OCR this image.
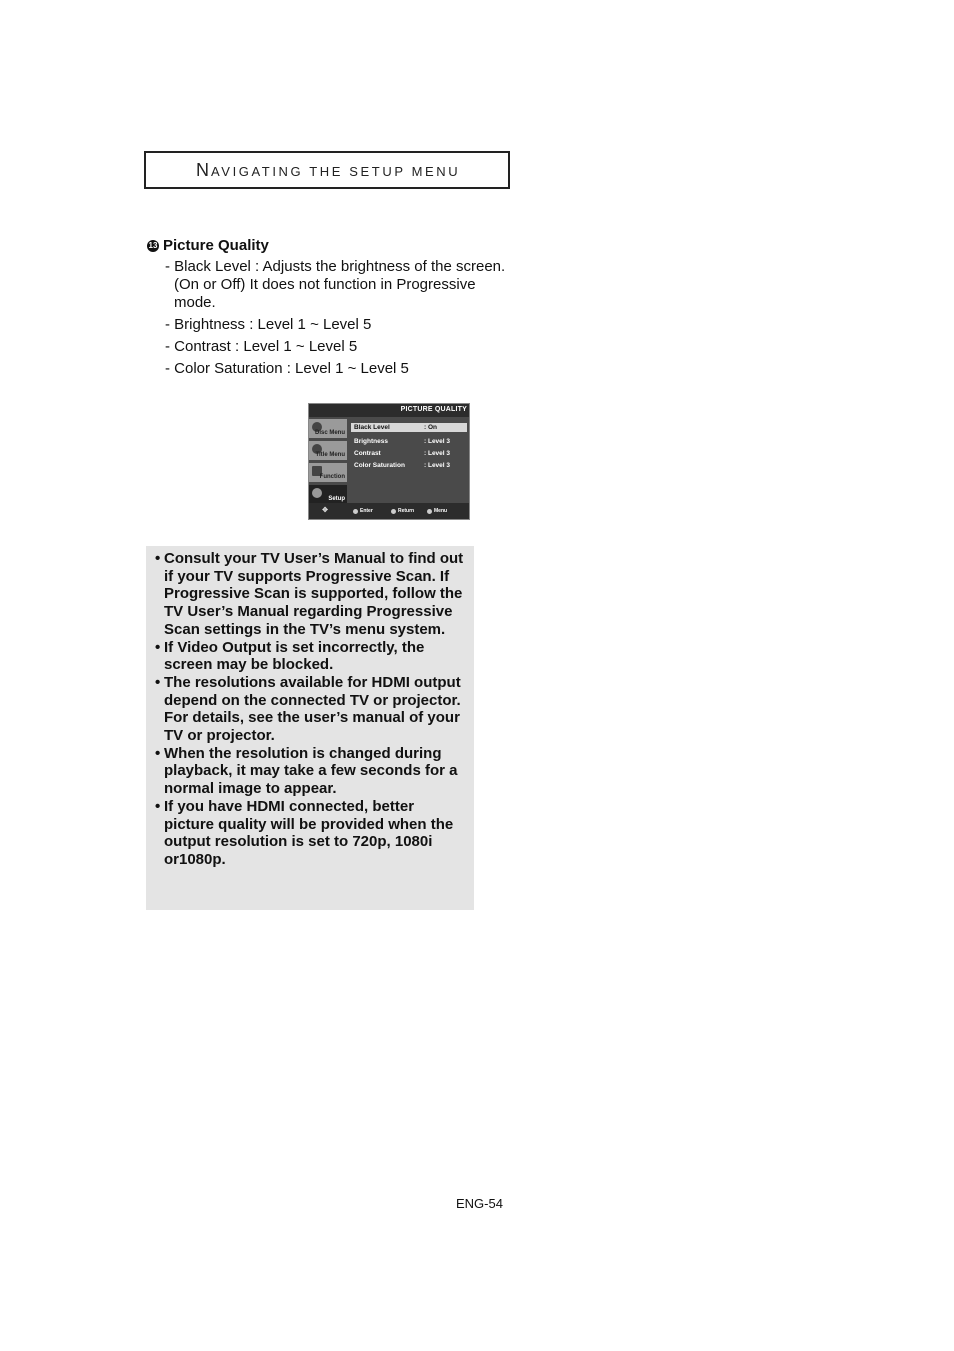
NAVIGATING THE SETUP MENU
13 Picture Quality
- Black Level : Adjusts the brightness of the screen.(On or Off) It does not function in Progressive mode.
- Brightness : Level 1 ~ Level 5
- Contrast : Level 1 ~ Level 5
- Color Saturation : Level 1 ~ Level 5
PICTURE QUALITY
Disc Menu
Title Menu
Function
Setup
Black Level	: On
Brightness	: Level 3
Contrast	: Level 3
Color Saturation	: Level 3
✥	Enter	Return	Menu
• Consult your TV User’s Manual to find out if your TV supports Progressive Scan. If Progressive Scan is supported, follow the TV User’s Manual regarding Progressive Scan settings in the TV’s menu system.
• If Video Output is set incorrectly, the screen may be blocked.
• The resolutions available for HDMI output depend on the connected TV or projector. For details, see the user’s manual of your TV or projector.
• When the resolution is changed during playback, it may take a few seconds for a normal image to appear.
• If you have HDMI connected, better picture quality will be provided when the output resolution is set to 720p, 1080i or1080p.
ENG-54
